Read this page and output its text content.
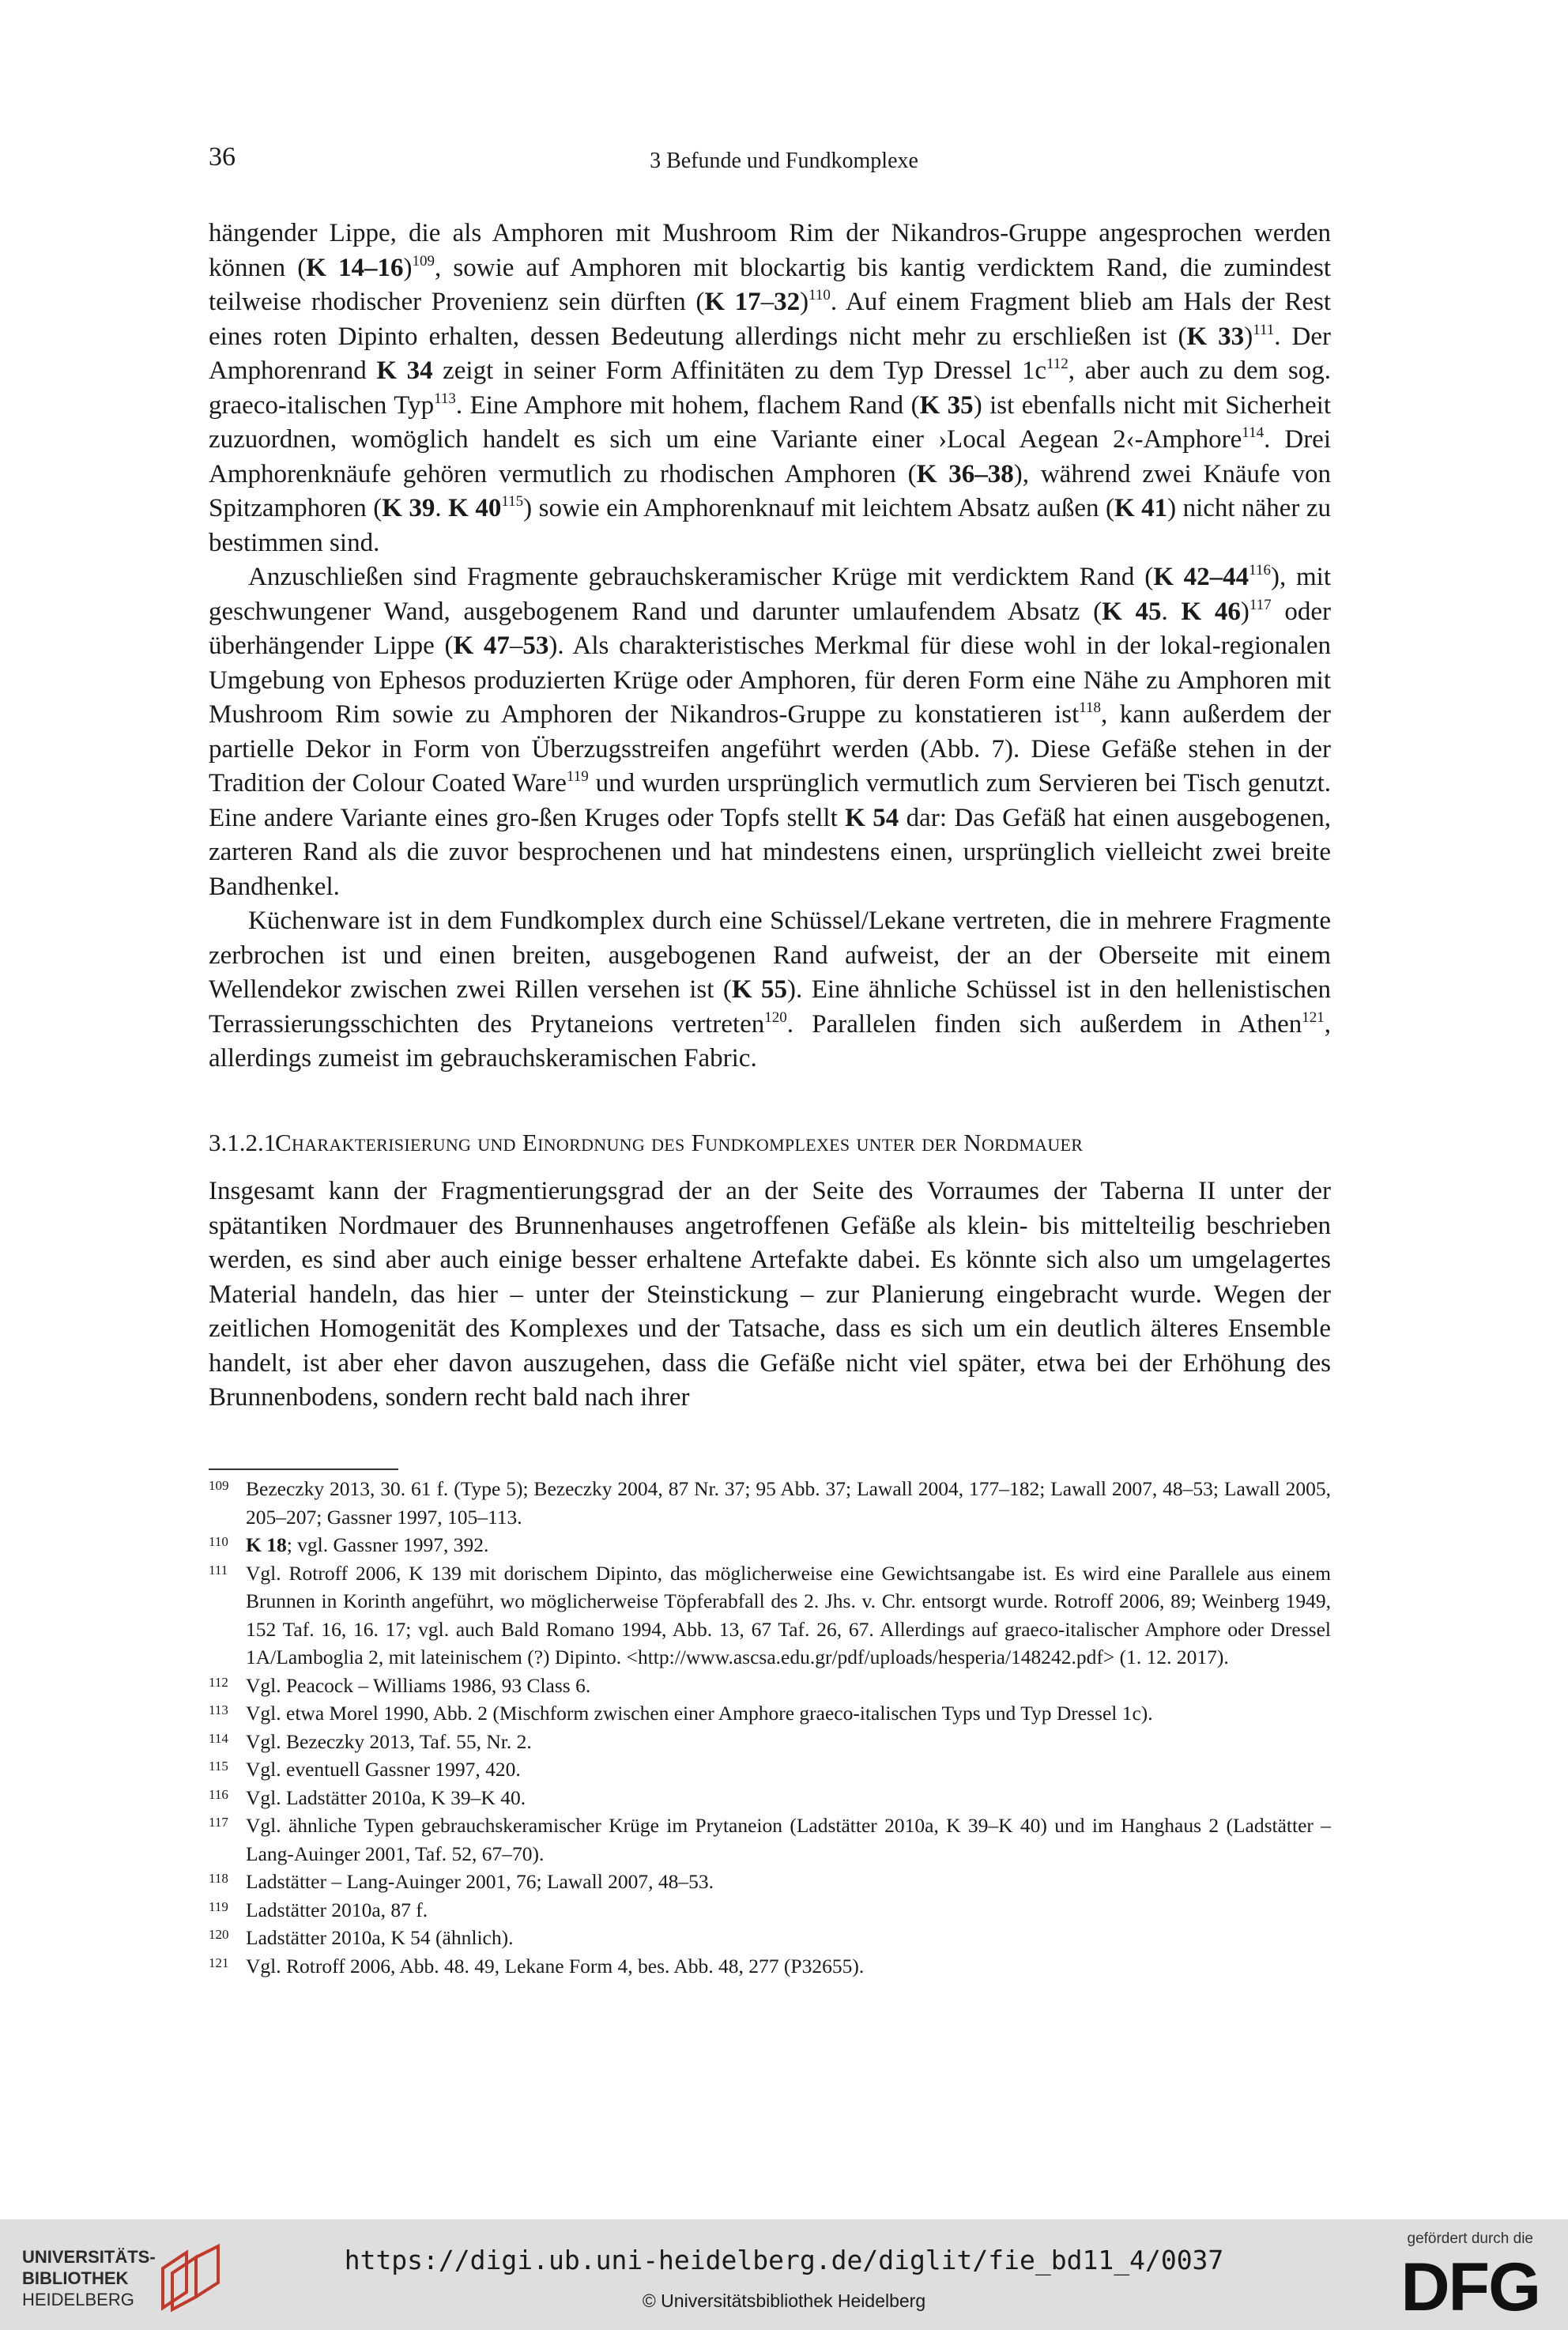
36	3 Befunde und Fundkomplexe

hängender Lippe, die als Amphoren mit Mushroom Rim der Nikandros-Gruppe angesprochen werden können (K 14–16)$^{109}$, sowie auf Amphoren mit blockartig bis kantig verdicktem Rand, die zumindest teilweise rhodischer Provenienz sein dürften (K 17–32)$^{110}$. Auf einem Fragment blieb am Hals der Rest eines roten Dipinto erhalten, dessen Bedeutung allerdings nicht mehr zu erschließen ist (K 33)$^{111}$. Der Amphorenrand K 34 zeigt in seiner Form Affinitäten zu dem Typ Dressel $1c^{112}$, aber auch zu dem sog. graeco-italischen Typ$^{113}$. Eine Amphore mit hohem, flachem Rand (K 35) ist ebenfalls nicht mit Sicherheit zuzuordnen, womöglich handelt es sich um eine Variante einer ›Local Aegean 2‹-Amphore$^{114}$. Drei Amphorenknäufe gehören vermutlich zu rhodischen Amphoren (K 36–38), während zwei Knäufe von Spitzamphoren (K 39. K $40^{115}$) sowie ein Amphorenknauf mit leichtem Absatz außen (K 41) nicht näher zu bestimmen sind.

Anzuschließen sind Fragmente gebrauchskeramischer Krüge mit verdicktem Rand (K $42-44^{116}$), mit geschwungener Wand, ausgebogenem Rand und darunter umlaufendem Absatz (K 45. K 46)$^{117}$ oder überhängender Lippe (K 47–53). Als charakteristisches Merkmal für diese wohl in der lokal-regionalen Umgebung von Ephesos produzierten Krüge oder Amphoren, für deren Form eine Nähe zu Amphoren mit Mushroom Rim sowie zu Amphoren der Nikandros-Gruppe zu konstatieren ist$^{118}$, kann außerdem der partielle Dekor in Form von Überzugsstreifen angeführt werden (Abb. 7). Diese Gefäße stehen in der Tradition der Colour Coated Ware$^{119}$ und wurden ursprünglich vermutlich zum Servieren bei Tisch genutzt. Eine andere Variante eines gro-ßen Kruges oder Topfs stellt K 54 dar: Das Gefäß hat einen ausgebogenen, zarteren Rand als die zuvor besprochenen und hat mindestens einen, ursprünglich vielleicht zwei breite Bandhenkel.

Küchenware ist in dem Fundkomplex durch eine Schüssel/Lekane vertreten, die in mehrere Fragmente zerbrochen ist und einen breiten, ausgebogenen Rand aufweist, der an der Oberseite mit einem Wellendekor zwischen zwei Rillen versehen ist (K 55). Eine ähnliche Schüssel ist in den hellenistischen Terrassierungsschichten des Prytaneions vertreten$^{120}$. Parallelen finden sich außerdem in Athen$^{121}$, allerdings zumeist im gebrauchskeramischen Fabric.

3.1.2.1Charakterisierung und Einordnung des Fundkomplexes unter der Nordmauer

Insgesamt kann der Fragmentierungsgrad der an der Seite des Vorraumes der Taberna II unter der spätantiken Nordmauer des Brunnenhauses angetroffenen Gefäße als klein- bis mittelteilig beschrieben werden, es sind aber auch einige besser erhaltene Artefakte dabei. Es könnte sich also um umgelagertes Material handeln, das hier – unter der Steinstickung – zur Planierung eingebracht wurde. Wegen der zeitlichen Homogenität des Komplexes und der Tatsache, dass es sich um ein deutlich älteres Ensemble handelt, ist aber eher davon auszugehen, dass die Gefäße nicht viel später, etwa bei der Erhöhung des Brunnenbodens, sondern recht bald nach ihrer

109 Bezeczky 2013, 30. 61 f. (Type 5); Bezeczky 2004, 87 Nr. 37; 95 Abb. 37; Lawall 2004, 177–182; Lawall 2007, 48–53; Lawall 2005, 205–207; Gassner 1997, 105–113.
110 K 18; vgl. Gassner 1997, 392.
111 Vgl. Rotroff 2006, K 139 mit dorischem Dipinto, das möglicherweise eine Gewichtsangabe ist. Es wird eine Parallele aus einem Brunnen in Korinth angeführt, wo möglicherweise Töpferabfall des 2. Jhs. v. Chr. entsorgt wurde. Rotroff 2006, 89; Weinberg 1949, 152 Taf. 16, 16. 17; vgl. auch Bald Romano 1994, Abb. 13, 67 Taf. 26, 67. Allerdings auf graeco-italischer Amphore oder Dressel 1A/Lamboglia 2, mit lateinischem (?) Dipinto. <http://www.ascsa.edu.gr/pdf/uploads/hesperia/148242.pdf> (1. 12. 2017).
112 Vgl. Peacock – Williams 1986, 93 Class 6.
113 Vgl. etwa Morel 1990, Abb. 2 (Mischform zwischen einer Amphore graeco-italischen Typs und Typ Dressel 1c).
114 Vgl. Bezeczky 2013, Taf. 55, Nr. 2.
115 Vgl. eventuell Gassner 1997, 420.
116 Vgl. Ladstätter 2010a, K 39–K 40.
117 Vgl. ähnliche Typen gebrauchskeramischer Krüge im Prytaneion (Ladstätter 2010a, K 39–K 40) und im Hanghaus 2 (Ladstätter – Lang-Auinger 2001, Taf. 52, 67–70).
118 Ladstätter – Lang-Auinger 2001, 76; Lawall 2007, 48–53.
119 Ladstätter 2010a, 87 f.
120 Ladstätter 2010a, K 54 (ähnlich).
121 Vgl. Rotroff 2006, Abb. 48. 49, Lekane Form 4, bes. Abb. 48, 277 (P32655).
UNIVERSITÄTS-
BIBLIOTHEK
HEIDELBERG
https://digi.ub.uni-heidelberg.de/diglit/fie_bd11_4/0037
© Universitätsbibliothek Heidelberg
gefördert durch die
DFG
